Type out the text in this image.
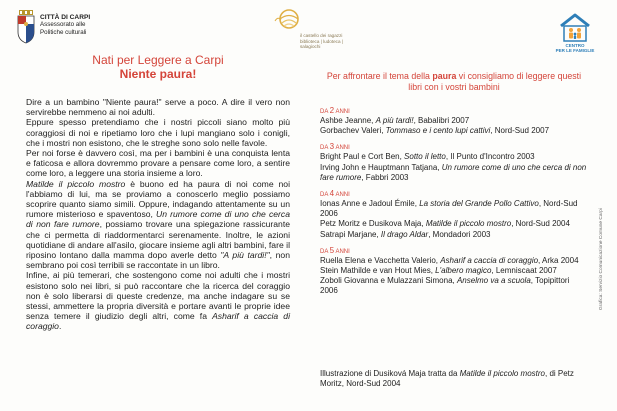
CITTÀ DI CARPI
Assessorato alle
Politiche culturali	il castello dei ragazzi
biblioteca | ludoteca | salagiochi	CENTRO
PER LE FAMIGLIE
Nati per Leggere a Carpi
Niente paura!

Dire a un bambino "Niente paura!" serve a poco. A dire il vero non servirebbe nemmeno ai noi adulti.

Eppure spesso pretendiamo che i nostri piccoli siano molto più coraggiosi di noi e ripetiamo loro che i lupi mangiano solo i conigli, che i mostri non esistono, che le streghe sono solo nelle favole.

Per noi forse è davvero così, ma per i bambini è una conquista lenta e faticosa e allora dovremmo provare a pensare come loro, a sentire come loro, a leggere una storia insieme a loro.

Matilde il piccolo mostro è buono ed ha paura di noi come noi l'abbiamo di lui, ma se proviamo a conoscerlo meglio possiamo scoprire quanto siamo simili. Oppure, indagando attentamente su un rumore misterioso e spaventoso, Un rumore come di uno che cerca di non fare rumore, possiamo trovare una spiegazione rassicurante che ci permetta di riaddormentarci serenamente. Inoltre, le azioni quotidiane di andare all'asilo, giocare insieme agli altri bambini, fare il riposino lontano dalla mamma dopo averle detto "A più tardi!", non sembrano poi così terribili se raccontate in un libro.

Infine, ai più temerari, che sostengono come noi adulti che i mostri esistono solo nei libri, si può raccontare che la ricerca del coraggio non è solo liberarsi di queste credenze, ma anche indagare su se stessi, ammettere la propria diversità e portare avanti le proprie idee senza temere il giudizio degli altri, come fa Asharif a caccia di coraggio.

Per affrontare il tema della paura vi consigliamo di leggere questi libri con i vostri bambini
DA 2 ANNI
Ashbe Jeanne, A più tardi!, Babalibri 2007
Gorbachev Valeri, Tommaso e i cento lupi cattivi, Nord-Sud 2007
DA 3 ANNI
Bright Paul e Cort Ben, Sotto il letto, Il Punto d'Incontro 2003
Irving John e Hauptmann Tatjana, Un rumore come di uno che cerca di non fare rumore, Fabbri 2003
DA 4 ANNI
Ionas Anne e Jadoul Émile, La storia del Grande Pollo Cattivo, Nord-Sud 2006
Petz Moritz e Dusikova Maja, Matilde il piccolo mostro, Nord-Sud 2004
Satrapi Marjane, Il drago Aldar, Mondadori 2003
DA 5 ANNI
Ruella Elena e Vacchetta Valerio, Asharif a caccia di coraggio, Arka 2004
Stein Mathilde e van Hout Mies, L'albero magico, Lemniscaat 2007
Zoboli Giovanna e Mulazzani Simona, Anselmo va a scuola, Topipittori 2006
Illustrazione di Dusiková Maja tratta da Matilde il piccolo mostro, di Petz Moritz, Nord-Sud 2004
Grafica: Servizio Comunicazione Comune Carpi
